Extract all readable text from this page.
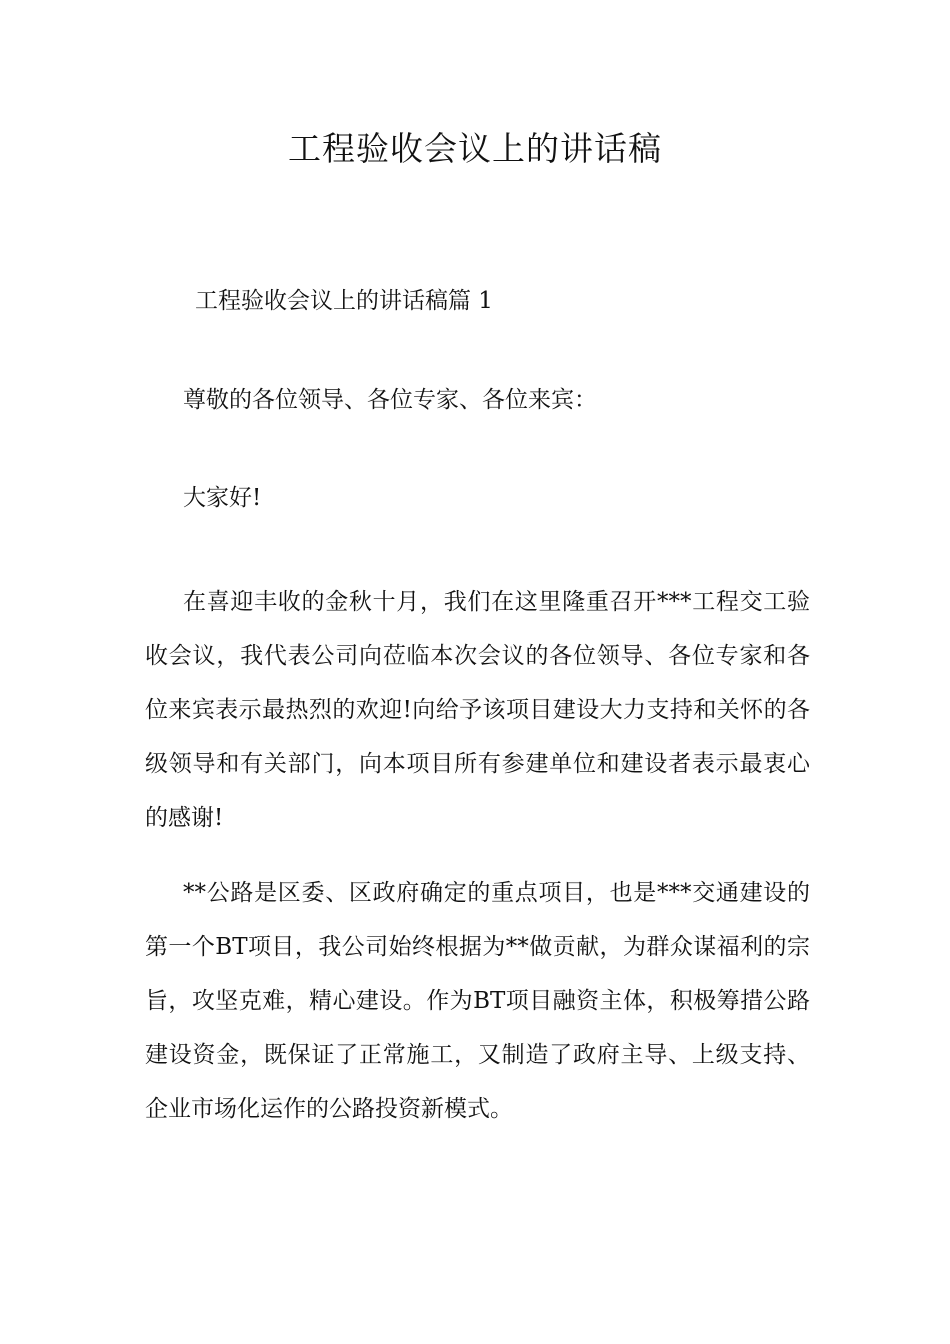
工程验收会议上的讲话稿

工程验收会议上的讲话稿篇 1

尊敬的各位领导、各位专家、各位来宾：

大家好!

在喜迎丰收的金秋十月，我们在这里隆重召开***工程交工验收会议，我代表公司向莅临本次会议的各位领导、各位专家和各位来宾表示最热烈的欢迎!向给予该项目建设大力支持和关怀的各级领导和有关部门，向本项目所有参建单位和建设者表示最衷心的感谢!

**公路是区委、区政府确定的重点项目，也是***交通建设的第一个BT项目，我公司始终根据为**做贡献，为群众谋福利的宗旨，攻坚克难，精心建设。作为BT项目融资主体，积极筹措公路建设资金，既保证了正常施工，又制造了政府主导、上级支持、企业市场化运作的公路投资新模式。
